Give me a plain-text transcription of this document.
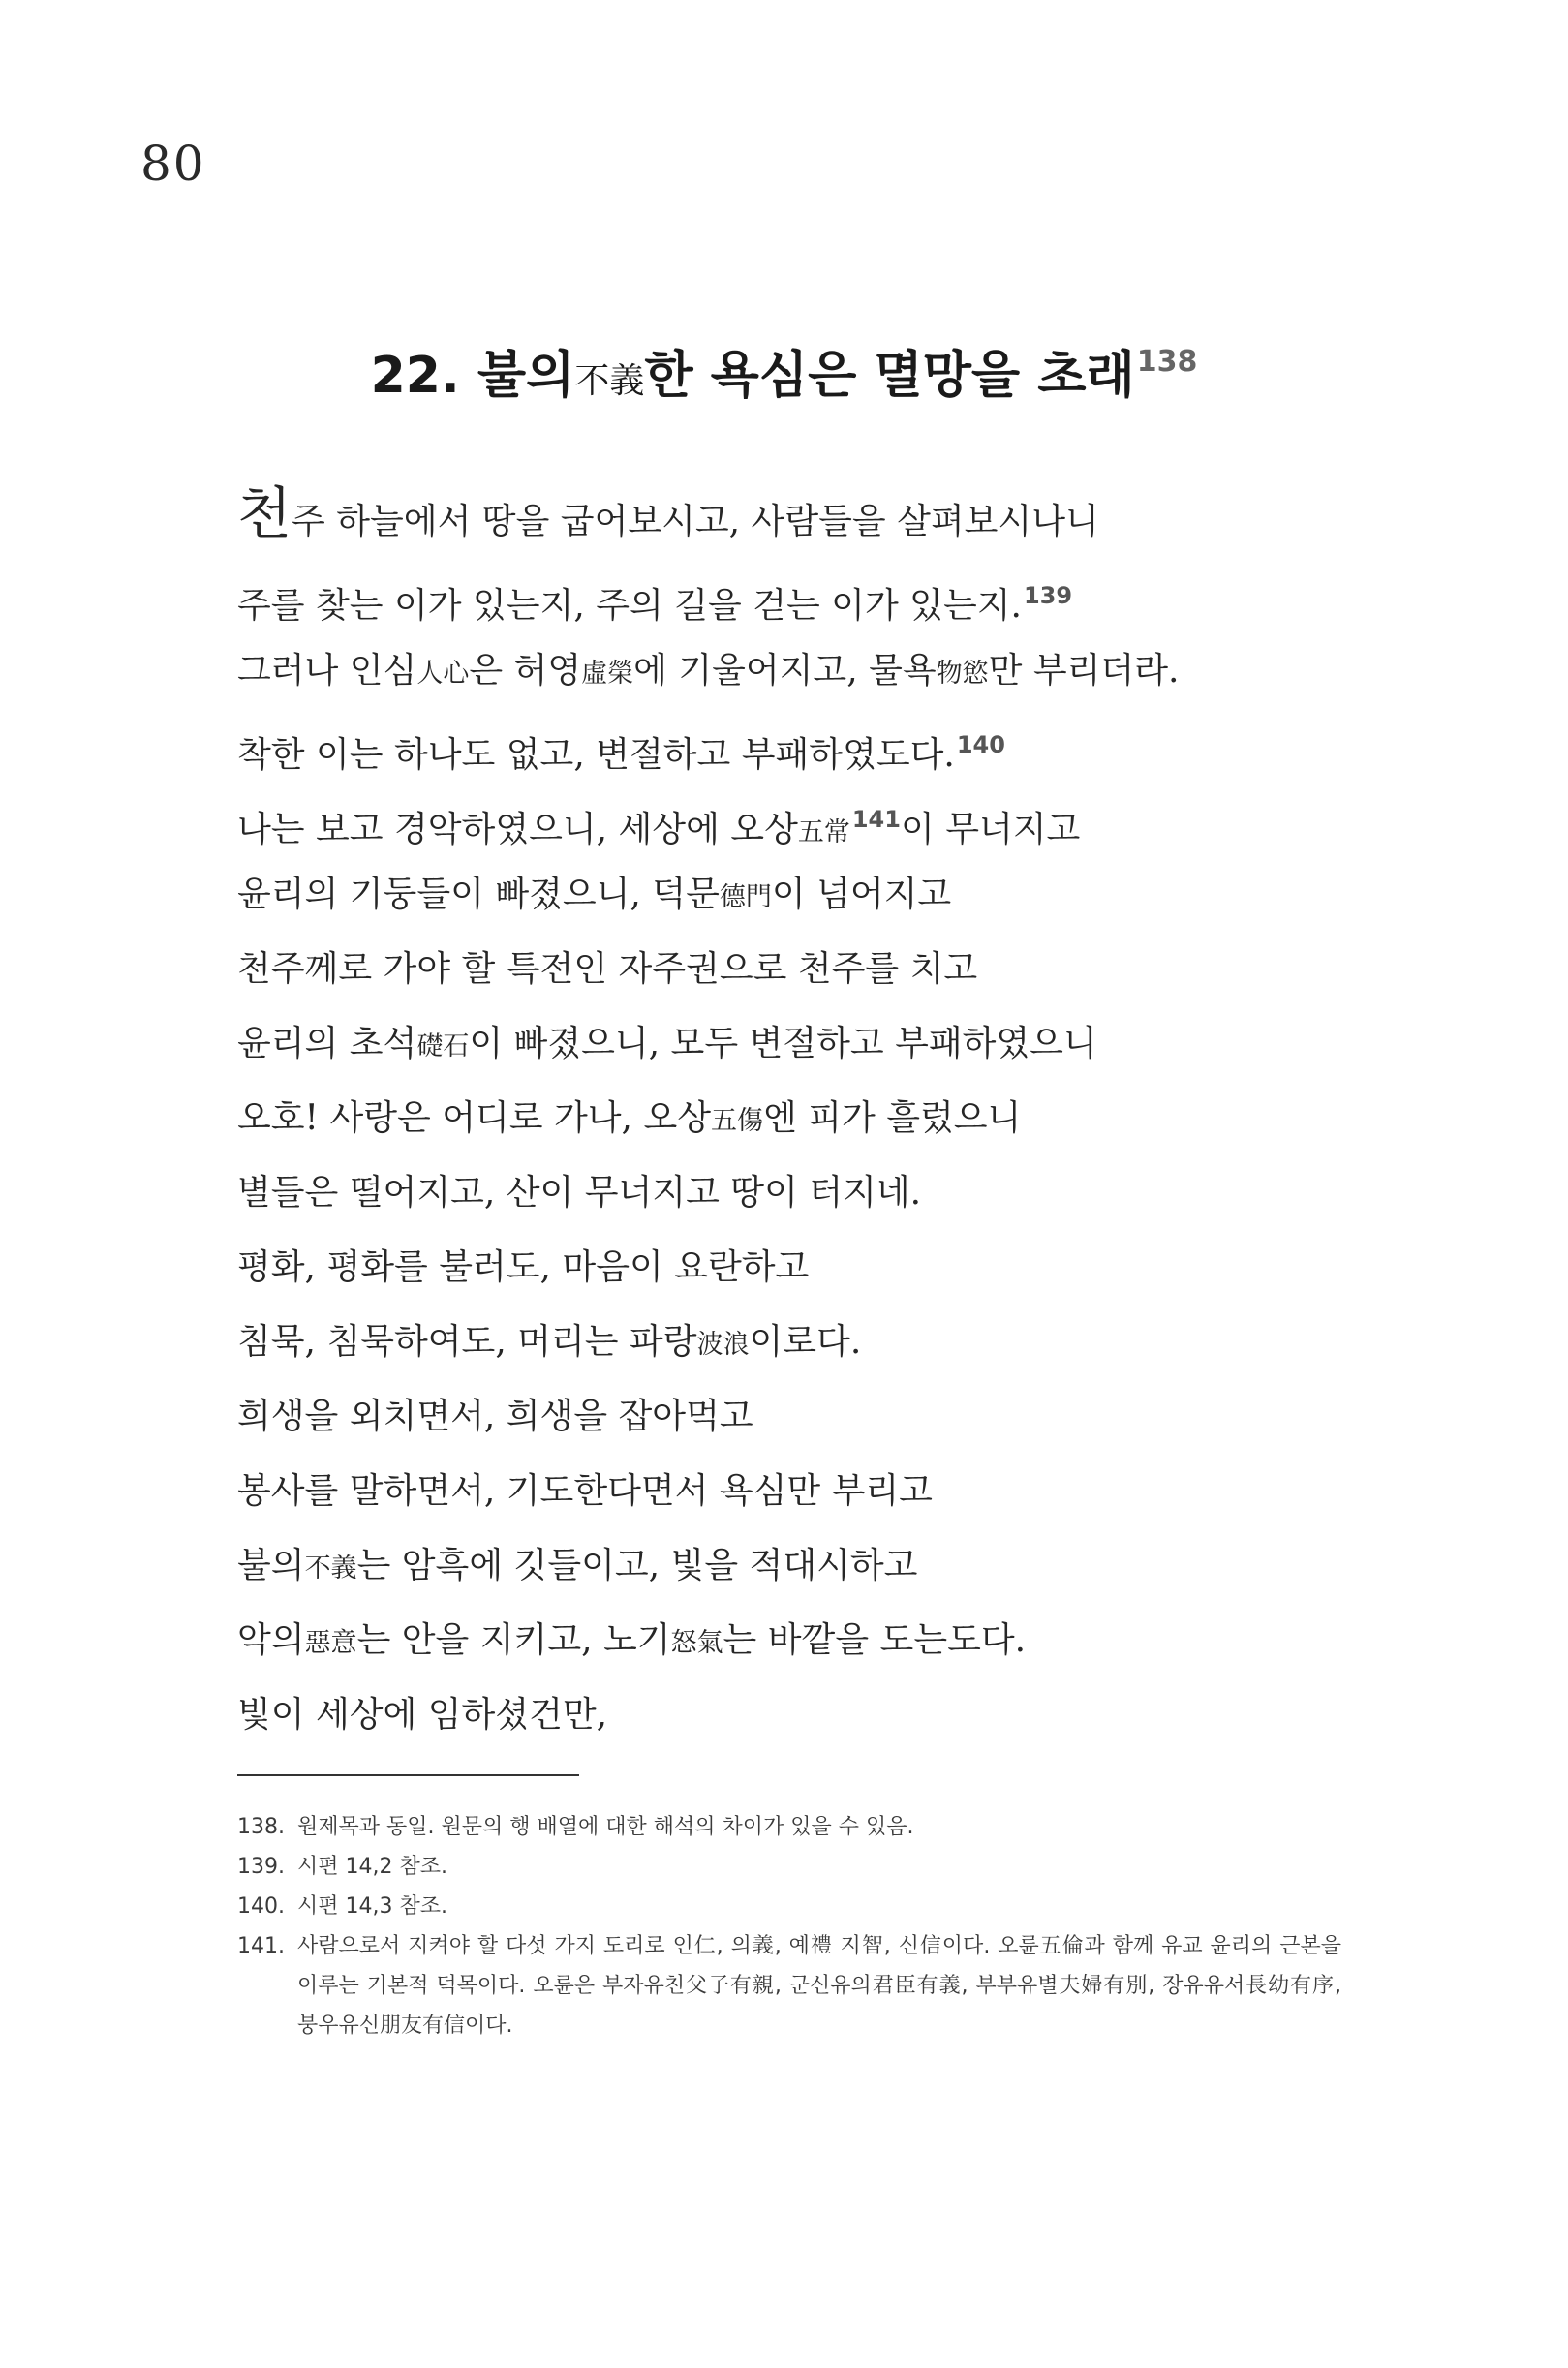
80
22. 불의不義한 욕심은 멸망을 초래$^{138}$
천주 하늘에서 땅을 굽어보시고, 사람들을 살펴보시나니
주를 찾는 이가 있는지, 주의 길을 걷는 이가 있는지.$^{139}$
그러나 인심人心은 허영虛榮에 기울어지고, 물욕物慾만 부리더라.
착한 이는 하나도 없고, 변절하고 부패하였도다.$^{140}$
나는 보고 경악하였으니, 세상에 오상五常$^{141}$이 무너지고
윤리의 기둥들이 빠졌으니, 덕문德門이 넘어지고
천주께로 가야 할 특전인 자주권으로 천주를 치고
윤리의 초석礎石이 빠졌으니, 모두 변절하고 부패하였으니
오호! 사랑은 어디로 가나, 오상五傷엔 피가 흘렀으니
별들은 떨어지고, 산이 무너지고 땅이 터지네.
평화, 평화를 불러도, 마음이 요란하고
침묵, 침묵하여도, 머리는 파랑波浪이로다.
희생을 외치면서, 희생을 잡아먹고
봉사를 말하면서, 기도한다면서 욕심만 부리고
불의不義는 암흑에 깃들이고, 빛을 적대시하고
악의惡意는 안을 지키고, 노기怒氣는 바깥을 도는도다.
빛이 세상에 임하셨건만,
138. 원제목과 동일. 원문의 행 배열에 대한 해석의 차이가 있을 수 있음.
139. 시편 14,2 참조.
140. 시편 14,3 참조.
141. 사람으로서 지켜야 할 다섯 가지 도리로 인仁, 의義, 예禮 지智, 신信이다. 오륜五倫과 함께 유교 윤리의 근본을 이루는 기본적 덕목이다. 오륜은 부자유친父子有親, 군신유의君臣有義, 부부유별夫婦有別, 장유유서長幼有序, 붕우유신朋友有信이다.
